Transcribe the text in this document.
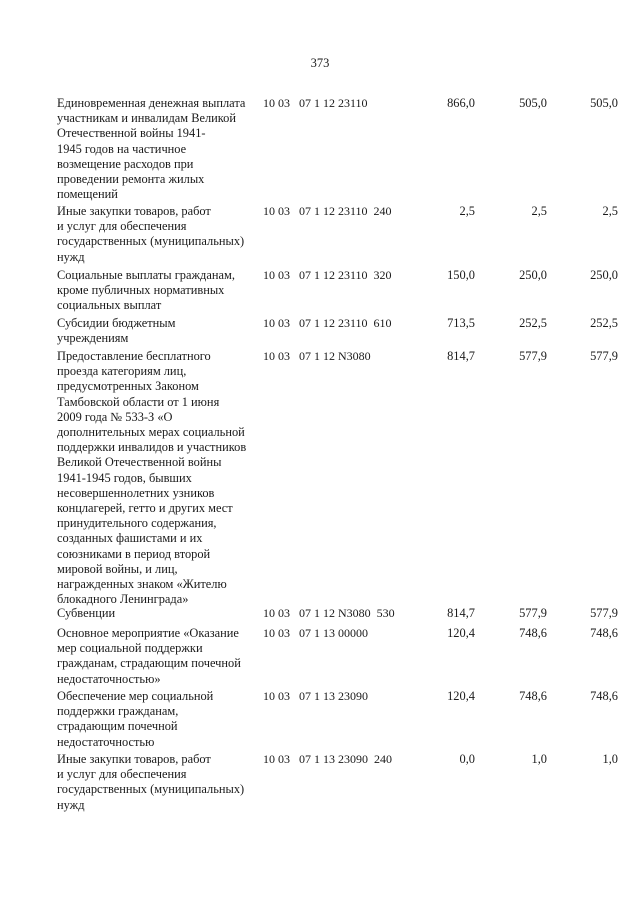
373
Единовременная денежная выплата
участникам и инвалидам Великой
Отечественной войны 1941-
1945 годов на частичное
возмещение расходов при
проведении ремонта жилых
помещений
10 03   07 1 12 23110	866,0	505,0	505,0
Иные закупки товаров, работ
и услуг для обеспечения
государственных (муниципальных)
нужд
10 03   07 1 12 23110  240	2,5	2,5	2,5
Социальные выплаты гражданам,
кроме публичных нормативных
социальных выплат
10 03   07 1 12 23110  320	150,0	250,0	250,0
Субсидии бюджетным
учреждениям
10 03   07 1 12 23110  610	713,5	252,5	252,5
Предоставление бесплатного
проезда категориям лиц,
предусмотренных Законом
Тамбовской области от 1 июня
2009 года № 533-З «О
дополнительных мерах социальной
поддержки инвалидов и участников
Великой Отечественной войны
1941-1945 годов, бывших
несовершеннолетних узников
концлагерей, гетто и других мест
принудительного содержания,
созданных фашистами и их
союзниками в период второй
мировой войны, и лиц,
награжденных знаком «Жителю
блокадного Ленинграда»
10 03   07 1 12 N3080	814,7	577,9	577,9
Субвенции	10 03   07 1 12 N3080  530	814,7	577,9	577,9
Основное мероприятие «Оказание
мер социальной поддержки
гражданам, страдающим почечной
недостаточностью»
10 03   07 1 13 00000	120,4	748,6	748,6
Обеспечение мер социальной
поддержки гражданам,
страдающим почечной
недостаточностью
10 03   07 1 13 23090	120,4	748,6	748,6
Иные закупки товаров, работ
и услуг для обеспечения
государственных (муниципальных)
нужд
10 03   07 1 13 23090  240	0,0	1,0	1,0
